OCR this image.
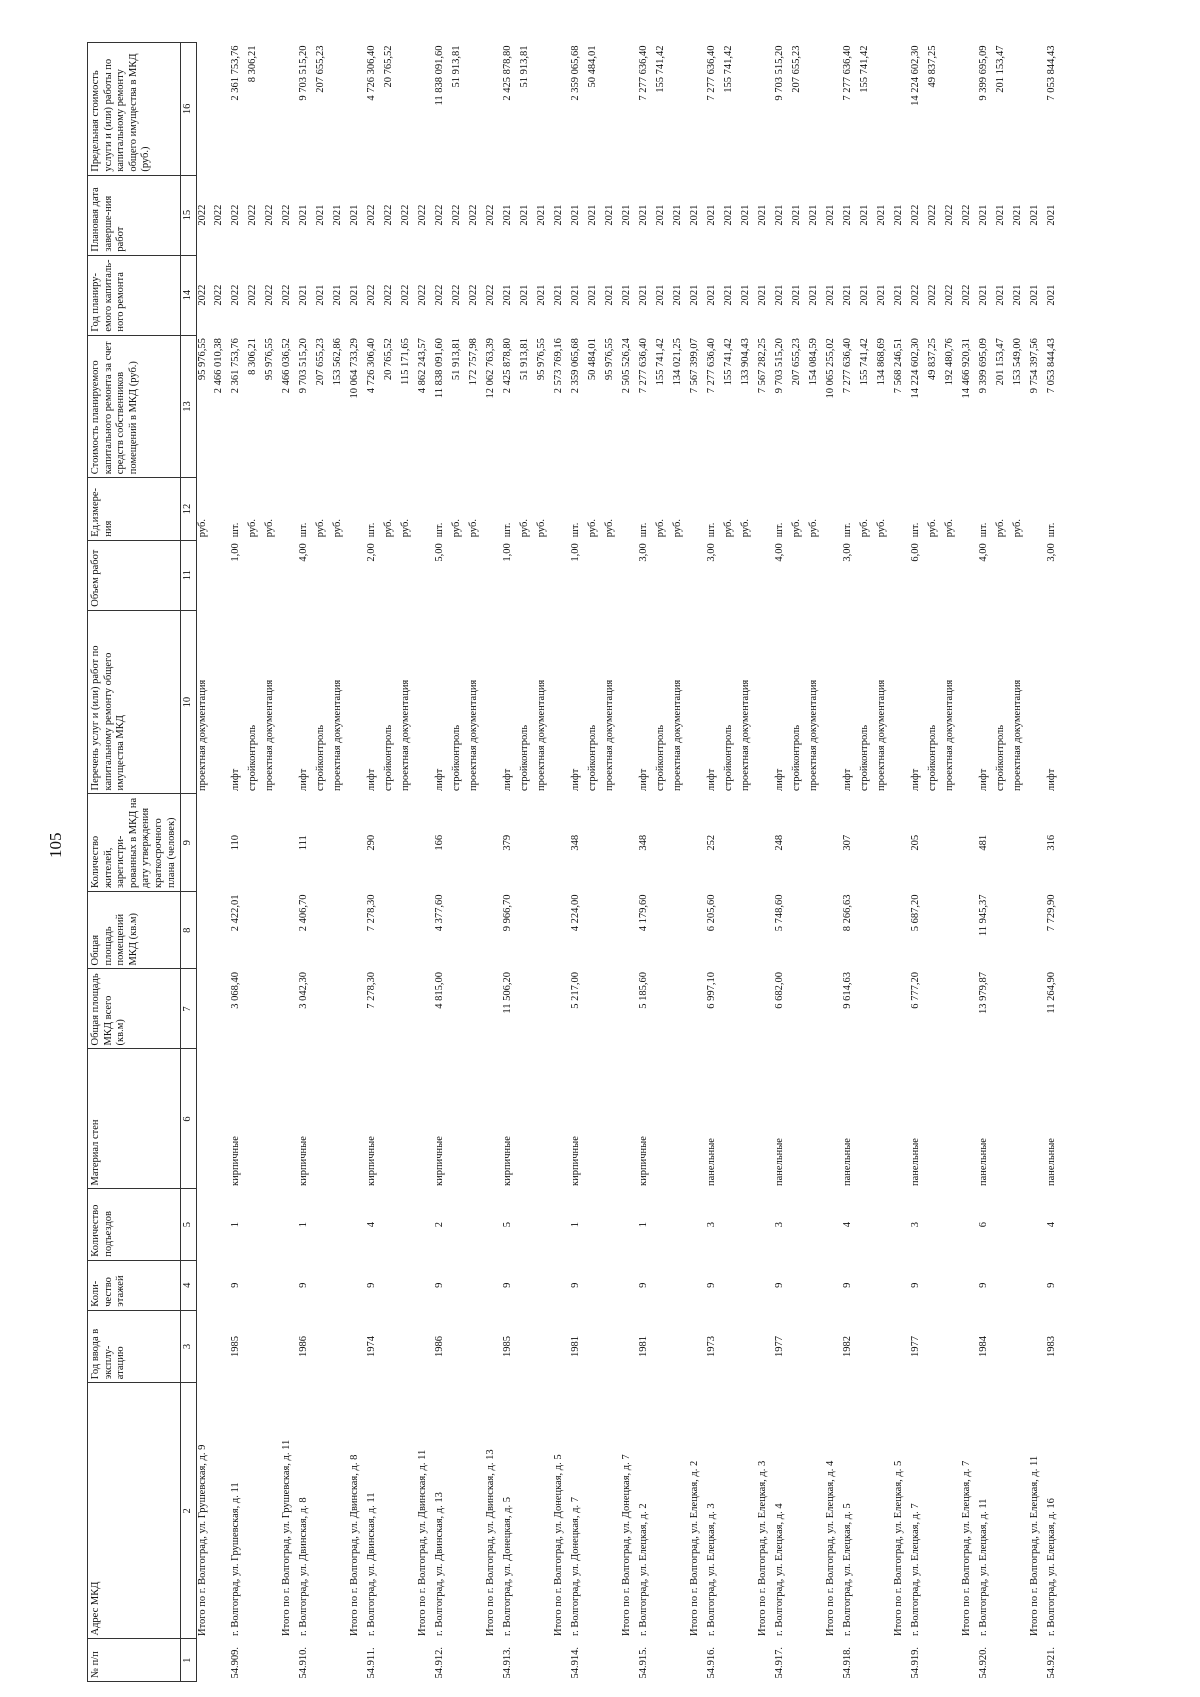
105
№ п/п	Адрес МКД	Год ввода в эксплу-атацию	Коли-чество этажей	Количество подъездов	Материал стен	Общая площадь МКД всего (кв.м)	Общая площадь помещений МКД (кв.м)	Количество жителей, зарегистри-рованных в МКД на дату утверждения краткосрочного плана (человек)	Перечень услуг и (или) работ по капитальному ремонту общего имущества МКД	Объем работ	Ед.измере-ния	Стоимость планируемого капитального ремонта за счет средств собственников помещений в МКД (руб.)	Год планиру-емого капиталь-ного ремонта	Плановая дата заверше-ния работ	Предельная стоимость услуги и (или) работы по капитальному ремонту общего имущества в МКД (руб.)
1	2	3	4	5	6	7	8	9	10	11	12	13	14	15	16
	Итого по г. Волгоград, ул. Грушевская, д. 9								проектная документация		руб.	95 976,55	2022	2022	
												2 466 010,38	2022	2022	
54.909.	г. Волгоград, ул. Грушевская, д. 11	1985	9	1	кирпичные	3 068,40	2 422,01	110	лифт	1,00	шт.	2 361 753,76	2022	2022	2 361 753,76
									стройконтроль		руб.	8 306,21	2022	2022	8 306,21
									проектная документация		руб.	95 976,55	2022	2022	
	Итого по г. Волгоград, ул. Грушевская, д. 11											2 466 036,52	2022	2022	
54.910.	г. Волгоград, ул. Двинская, д. 8	1986	9	1	кирпичные	3 042,30	2 406,70	111	лифт	4,00	шт.	9 703 515,20	2021	2021	9 703 515,20
									стройконтроль		руб.	207 655,23	2021	2021	207 655,23
									проектная документация		руб.	153 562,86	2021	2021	
	Итого по г. Волгоград, ул. Двинская, д. 8											10 064 733,29	2021	2021	
54.911.	г. Волгоград, ул. Двинская, д. 11	1974	9	4	кирпичные	7 278,30	7 278,30	290	лифт	2,00	шт.	4 726 306,40	2022	2022	4 726 306,40
									стройконтроль		руб.	20 765,52	2022	2022	20 765,52
									проектная документация		руб.	115 171,65	2022	2022	
	Итого по г. Волгоград, ул. Двинская, д. 11											4 862 243,57	2022	2022	
54.912.	г. Волгоград, ул. Двинская, д. 13	1986	9	2	кирпичные	4 815,00	4 377,60	166	лифт	5,00	шт.	11 838 091,60	2022	2022	11 838 091,60
									стройконтроль		руб.	51 913,81	2022	2022	51 913,81
									проектная документация		руб.	172 757,98	2022	2022	
	Итого по г. Волгоград, ул. Двинская, д. 13											12 062 763,39	2022	2022	
54.913.	г. Волгоград, ул. Донецкая, д. 5	1985	9	5	кирпичные	11 506,20	9 966,70	379	лифт	1,00	шт.	2 425 878,80	2021	2021	2 425 878,80
									стройконтроль		руб.	51 913,81	2021	2021	51 913,81
									проектная документация		руб.	95 976,55	2021	2021	
	Итого по г. Волгоград, ул. Донецкая, д. 5											2 573 769,16	2021	2021	
54.914.	г. Волгоград, ул. Донецкая, д. 7	1981	9	1	кирпичные	5 217,00	4 224,00	348	лифт	1,00	шт.	2 359 065,68	2021	2021	2 359 065,68
									стройконтроль		руб.	50 484,01	2021	2021	50 484,01
									проектная документация		руб.	95 976,55	2021	2021	
	Итого по г. Волгоград, ул. Донецкая, д. 7											2 505 526,24	2021	2021	
54.915.	г. Волгоград, ул. Елецкая, д. 2	1981	9	1	кирпичные	5 185,60	4 179,60	348	лифт	3,00	шт.	7 277 636,40	2021	2021	7 277 636,40
									стройконтроль		руб.	155 741,42	2021	2021	155 741,42
									проектная документация		руб.	134 021,25	2021	2021	
	Итого по г. Волгоград, ул. Елецкая, д. 2											7 567 399,07	2021	2021	
54.916.	г. Волгоград, ул. Елецкая, д. 3	1973	9	3	панельные	6 997,10	6 205,60	252	лифт	3,00	шт.	7 277 636,40	2021	2021	7 277 636,40
									стройконтроль		руб.	155 741,42	2021	2021	155 741,42
									проектная документация		руб.	133 904,43	2021	2021	
	Итого по г. Волгоград, ул. Елецкая, д. 3											7 567 282,25	2021	2021	
54.917.	г. Волгоград, ул. Елецкая, д. 4	1977	9	3	панельные	6 682,00	5 748,60	248	лифт	4,00	шт.	9 703 515,20	2021	2021	9 703 515,20
									стройконтроль		руб.	207 655,23	2021	2021	207 655,23
									проектная документация		руб.	154 084,59	2021	2021	
	Итого по г. Волгоград, ул. Елецкая, д. 4											10 065 255,02	2021	2021	
54.918.	г. Волгоград, ул. Елецкая, д. 5	1982	9	4	панельные	9 614,63	8 266,63	307	лифт	3,00	шт.	7 277 636,40	2021	2021	7 277 636,40
									стройконтроль		руб.	155 741,42	2021	2021	155 741,42
									проектная документация		руб.	134 868,69	2021	2021	
	Итого по г. Волгоград, ул. Елецкая, д. 5											7 568 246,51	2021	2021	
54.919.	г. Волгоград, ул. Елецкая, д. 7	1977	9	3	панельные	6 777,20	5 687,20	205	лифт	6,00	шт.	14 224 602,30	2022	2022	14 224 602,30
									стройконтроль		руб.	49 837,25	2022	2022	49 837,25
									проектная документация		руб.	192 480,76	2022	2022	
	Итого по г. Волгоград, ул. Елецкая, д. 7											14 466 920,31	2022	2022	
54.920.	г. Волгоград, ул. Елецкая, д. 11	1984	9	6	панельные	13 979,87	11 945,37	481	лифт	4,00	шт.	9 399 695,09	2021	2021	9 399 695,09
									стройконтроль		руб.	201 153,47	2021	2021	201 153,47
									проектная документация		руб.	153 549,00	2021	2021	
	Итого по г. Волгоград, ул. Елецкая, д. 11											9 754 397,56	2021	2021	
54.921.	г. Волгоград, ул. Елецкая, д. 16	1983	9	4	панельные	11 264,90	7 729,90	316	лифт	3,00	шт.	7 053 844,43	2021	2021	7 053 844,43
